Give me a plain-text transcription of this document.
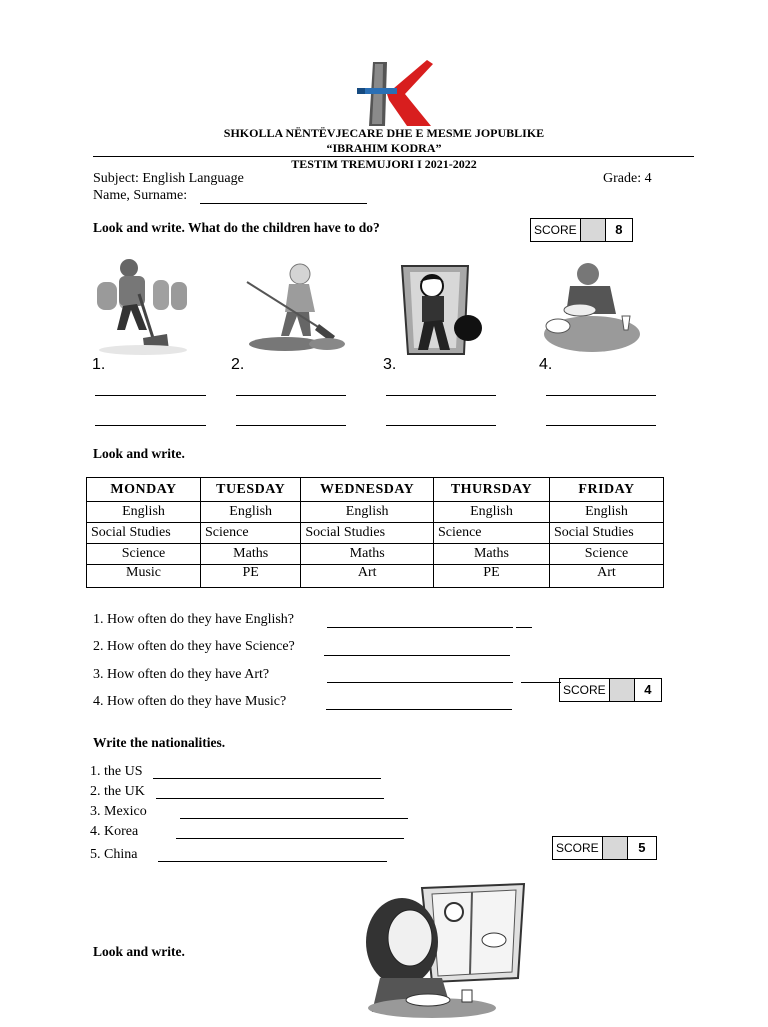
SHKOLLA NËNTËVJECARE DHE E MESME JOPUBLIKE
“IBRAHIM KODRA”
TESTIM TREMUJORI I 2021-2022
Subject: English Language	Grade: 4
Name, Surname:
Look and write. What do the children have to do?	SCORE	8
1.	2.	3.	4.
Look and write.
MONDAY	TUESDAY	WEDNESDAY	THURSDAY	FRIDAY
English	English	English	English	English
Social Studies	Science	Social Studies	Science	Social Studies
Science	Maths	Maths	Maths	Science
Music	PE	Art	PE	Art
1. How often do they have English?
2. How often do they have Science?
3. How often do they have Art?
4. How often do they have Music?
SCORE	4
Write the nationalities.
1. the US
2. the UK
3. Mexico
4. Korea
5. China	SCORE	5
Look and write.
